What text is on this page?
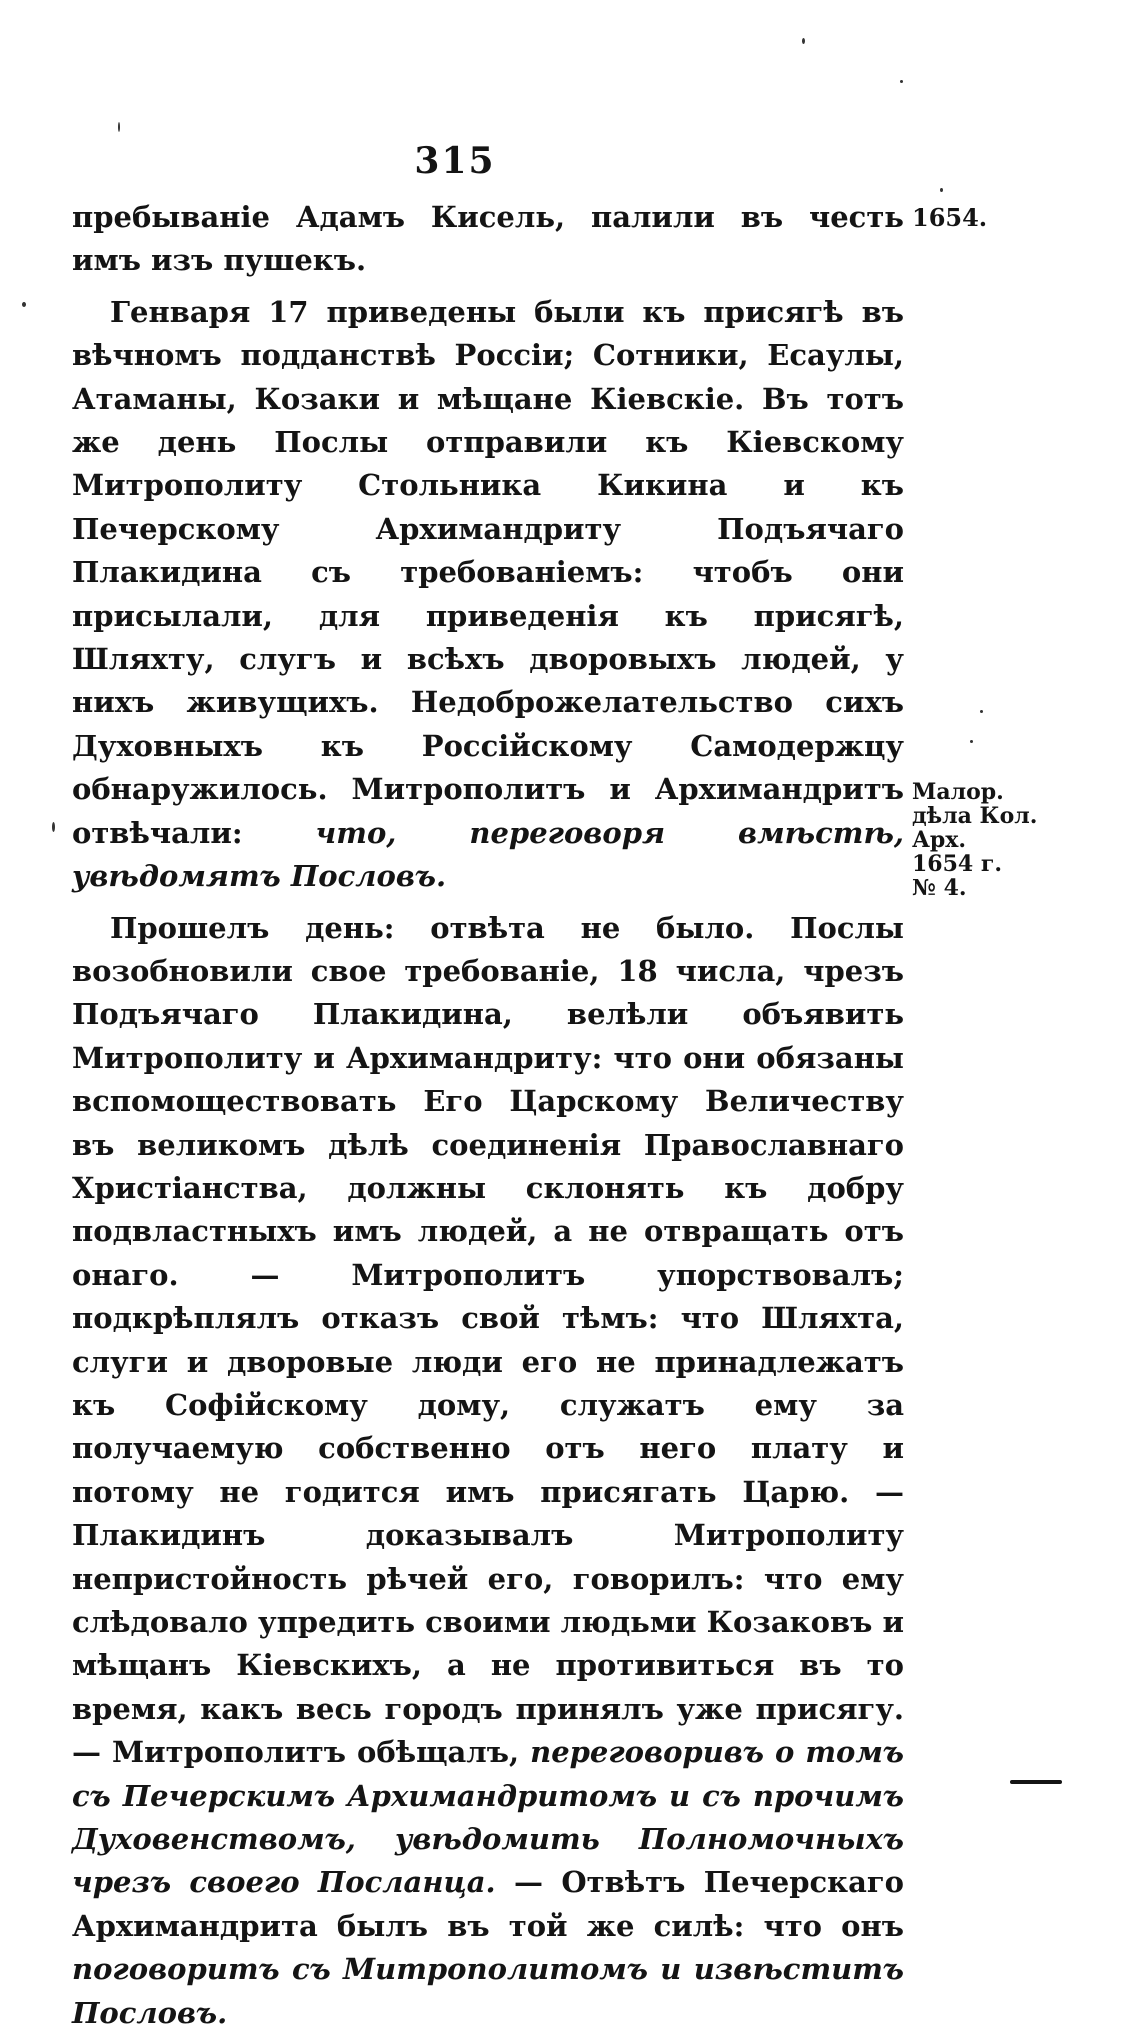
315
1654.
Малор.
дѣла Кол.
Арх.
1654 г.
№ 4.

пребываніе Адамъ Кисель, палили въ честь имъ изъ пушекъ.

Генваря 17 приведены были къ присягѣ въ вѣчномъ подданствѣ Россіи; Сотники, Есаулы, Атаманы, Козаки и мѣщане Кіевскіе. Въ тотъ же день Послы отправили къ Кіевскому Митрополиту Стольника Кикина и къ Печерскому Архимандриту Подъячаго Плакидина съ требованіемъ: чтобъ они присылали, для приведенія къ присягѣ, Шляхту, слугъ и всѣхъ дворовыхъ людей, у нихъ живущихъ. Недоброжелательство сихъ Духовныхъ къ Россійскому Самодержцу обнаружилось. Митрополитъ и Архимандритъ отвѣчали: что, переговоря вмѣстѣ, увѣдомятъ Пословъ.

Прошелъ день: отвѣта не было. Послы возобновили свое требованіе, 18 числа, чрезъ Подъячаго Плакидина, велѣли объявить Митрополиту и Архимандриту: что они обязаны вспомоществовать Его Царскому Величеству въ великомъ дѣлѣ соединенія Православнаго Христіанства, должны склонять къ добру подвластныхъ имъ людей, а не отвращать отъ онаго. — Митрополитъ упорствовалъ; подкрѣплялъ отказъ свой тѣмъ: что Шляхта, слуги и дворовые люди его не принадлежатъ къ Софійскому дому, служатъ ему за получаемую собственно отъ него плату и потому не годится имъ присягать Царю. — Плакидинъ доказывалъ Митрополиту непристойность рѣчей его, говорилъ: что ему слѣдовало упредить своими людьми Козаковъ и мѣщанъ Кіевскихъ, а не противиться въ то время, какъ весь городъ принялъ уже присягу. — Митрополитъ обѣщалъ, переговоривъ о томъ съ Печерскимъ Архимандритомъ и съ прочимъ Духовенствомъ, увѣдомить Полномочныхъ чрезъ своего Посланца. — Отвѣтъ Печерскаго Архимандрита былъ въ той же силѣ: что онъ поговоритъ съ Митрополитомъ и извѣститъ Пословъ.
